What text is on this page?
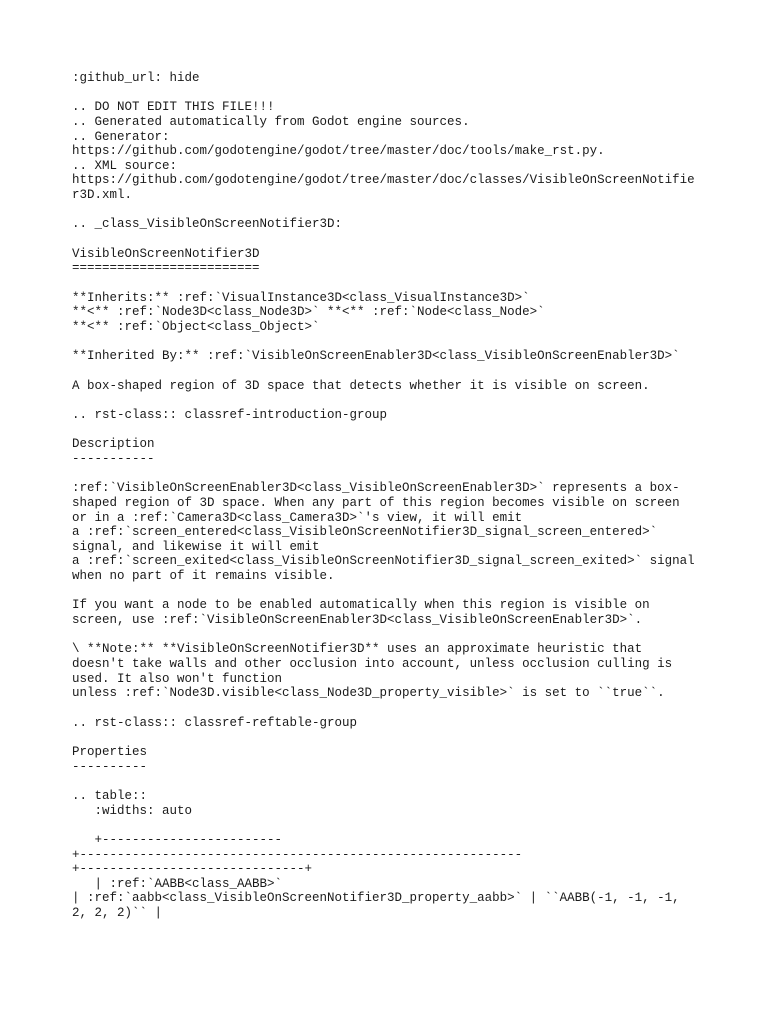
:github_url: hide
.. DO NOT EDIT THIS FILE!!!
.. Generated automatically from Godot engine sources.
.. Generator:
https://github.com/godotengine/godot/tree/master/doc/tools/make_rst.py.
.. XML source:
https://github.com/godotengine/godot/tree/master/doc/classes/VisibleOnScreenNotifie
r3D.xml.
.. _class_VisibleOnScreenNotifier3D:
VisibleOnScreenNotifier3D
=========================
**Inherits:** :ref:`VisualInstance3D<class_VisualInstance3D>`
**<** :ref:`Node3D<class_Node3D>` **<** :ref:`Node<class_Node>`
**<** :ref:`Object<class_Object>`
**Inherited By:** :ref:`VisibleOnScreenEnabler3D<class_VisibleOnScreenEnabler3D>`
A box-shaped region of 3D space that detects whether it is visible on screen.
.. rst-class:: classref-introduction-group
Description
-----------
:ref:`VisibleOnScreenEnabler3D<class_VisibleOnScreenEnabler3D>` represents a box-
shaped region of 3D space. When any part of this region becomes visible on screen
or in a :ref:`Camera3D<class_Camera3D>`'s view, it will emit
a :ref:`screen_entered<class_VisibleOnScreenNotifier3D_signal_screen_entered>`
signal, and likewise it will emit
a :ref:`screen_exited<class_VisibleOnScreenNotifier3D_signal_screen_exited>` signal
when no part of it remains visible.
If you want a node to be enabled automatically when this region is visible on
screen, use :ref:`VisibleOnScreenEnabler3D<class_VisibleOnScreenEnabler3D>`.
\ **Note:** **VisibleOnScreenNotifier3D** uses an approximate heuristic that
doesn't take walls and other occlusion into account, unless occlusion culling is
used. It also won't function
unless :ref:`Node3D.visible<class_Node3D_property_visible>` is set to ``true``.
.. rst-class:: classref-reftable-group
Properties
----------
.. table::
:widths: auto
+------------------------
+-----------------------------------------------------------
+------------------------------+
| :ref:`AABB<class_AABB>`
| :ref:`aabb<class_VisibleOnScreenNotifier3D_property_aabb>` | ``AABB(-1, -1, -1,
2, 2, 2)`` |
